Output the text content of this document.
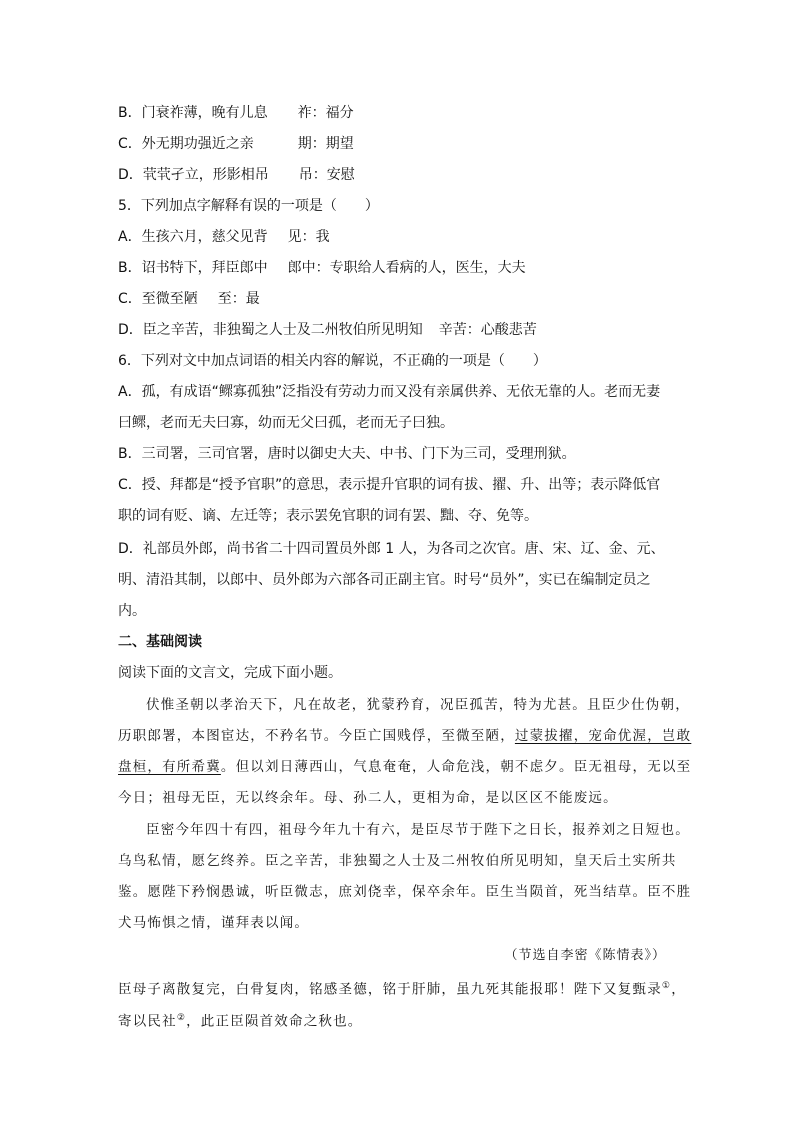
B．门衰祚薄，晚有儿息 祚：福分
C．外无期功强近之亲	期：期望
D．茕茕孑立，形影相吊 吊：安慰
5．下列加点字解释有误的一项是（　　）
A．生孩六月，慈父见背 见：我
B．诏书特下，拜臣郎中 郎中：专职给人看病的人，医生，大夫
C．至微至陋 至：最
D．臣之辛苦，非独蜀之人士及二州牧伯所见明知 辛苦：心酸悲苦
6．下列对文中加点词语的相关内容的解说，不正确的一项是（　　）
A．孤，有成语“鳏寡孤独”泛指没有劳动力而又没有亲属供养、无依无靠的人。老而无妻
曰鳏，老而无夫曰寡，幼而无父曰孤，老而无子曰独。
B．三司署，三司官署，唐时以御史大夫、中书、门下为三司，受理刑狱。
C．授、拜都是“授予官职”的意思，表示提升官职的词有拔、擢、升、出等；表示降低官
职的词有贬、谪、左迁等；表示罢免官职的词有罢、黜、夺、免等。
D．礼部员外郎，尚书省二十四司置员外郎 1 人，为各司之次官。唐、宋、辽、金、元、
明、清沿其制，以郎中、员外郎为六部各司正副主官。时号“员外”，实已在编制定员之
内。
二、基础阅读
阅读下面的文言文，完成下面小题。
伏惟圣朝以孝治天下，凡在故老，犹蒙矜育，况臣孤苦，特为尤甚。且臣少仕伪朝，
历职郎署，本图宦达，不矜名节。今臣亡国贱俘，至微至陋，过蒙拔擢，宠命优渥，岂敢
盘桓，有所希冀。但以刘日薄西山，气息奄奄，人命危浅，朝不虑夕。臣无祖母，无以至
今日；祖母无臣，无以终余年。母、孙二人，更相为命，是以区区不能废远。
臣密今年四十有四，祖母今年九十有六，是臣尽节于陛下之日长，报养刘之日短也。
乌鸟私情，愿乞终养。臣之辛苦，非独蜀之人士及二州牧伯所见明知，皇天后土实所共
鉴。愿陛下矜悯愚诚，听臣微志，庶刘侥幸，保卒余年。臣生当陨首，死当结草。臣不胜
犬马怖惧之情，谨拜表以闻。
（节选自李密《陈情表》）
臣母子离散复完，白骨复肉，铭感圣德，铭于肝肺，虽九死其能报耶！陛下又复甄录①，
寄以民社②，此正臣陨首效命之秋也。
